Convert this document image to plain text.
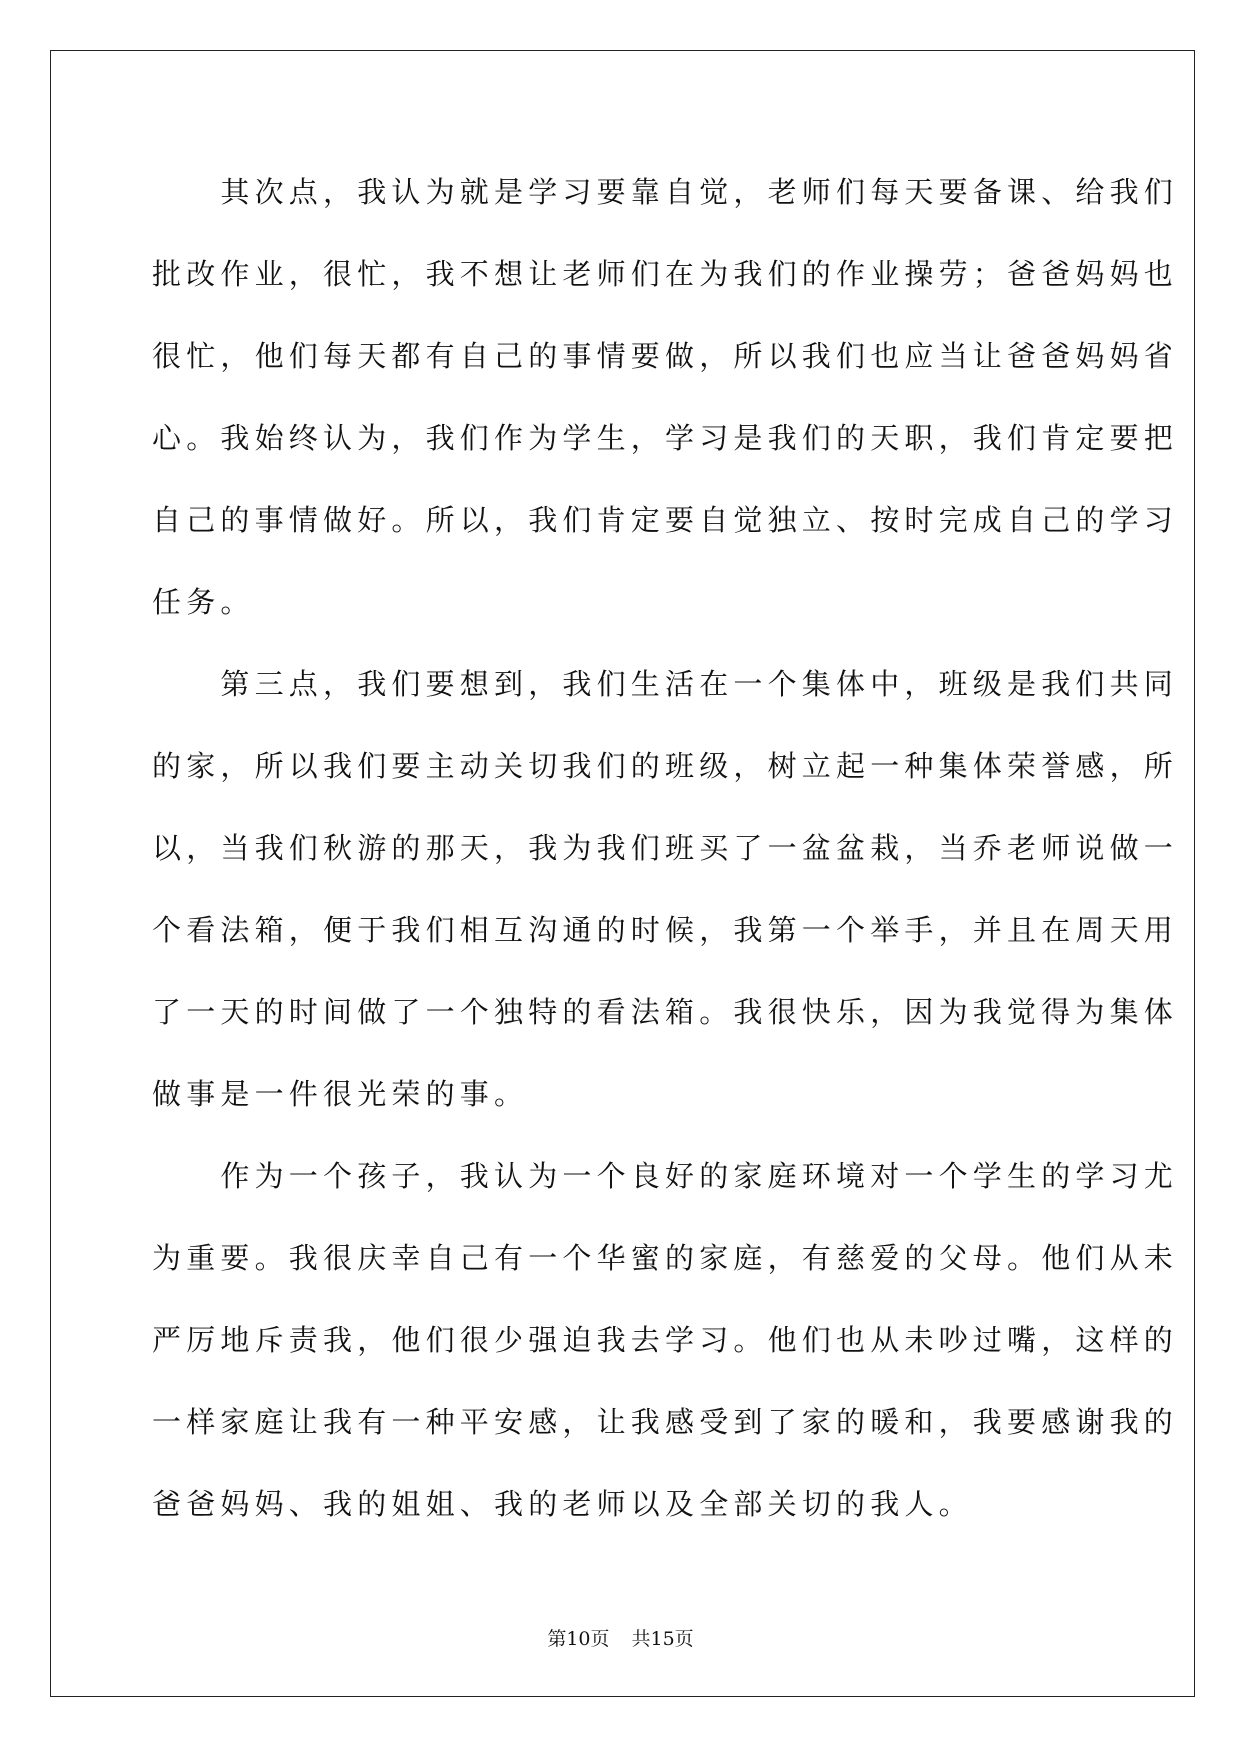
　　其次点，我认为就是学习要靠自觉，老师们每天要备课、给我们
批改作业，很忙，我不想让老师们在为我们的作业操劳；爸爸妈妈也
很忙，他们每天都有自己的事情要做，所以我们也应当让爸爸妈妈省
心。我始终认为，我们作为学生，学习是我们的天职，我们肯定要把
自己的事情做好。所以，我们肯定要自觉独立、按时完成自己的学习
任务。
　　第三点，我们要想到，我们生活在一个集体中，班级是我们共同
的家，所以我们要主动关切我们的班级，树立起一种集体荣誉感，所
以，当我们秋游的那天，我为我们班买了一盆盆栽，当乔老师说做一
个看法箱，便于我们相互沟通的时候，我第一个举手，并且在周天用
了一天的时间做了一个独特的看法箱。我很快乐，因为我觉得为集体
做事是一件很光荣的事。
　　作为一个孩子，我认为一个良好的家庭环境对一个学生的学习尤
为重要。我很庆幸自己有一个华蜜的家庭，有慈爱的父母。他们从未
严厉地斥责我，他们很少强迫我去学习。他们也从未吵过嘴，这样的
一样家庭让我有一种平安感，让我感受到了家的暖和，我要感谢我的
爸爸妈妈、我的姐姐、我的老师以及全部关切的我人。
第10页 共15页
